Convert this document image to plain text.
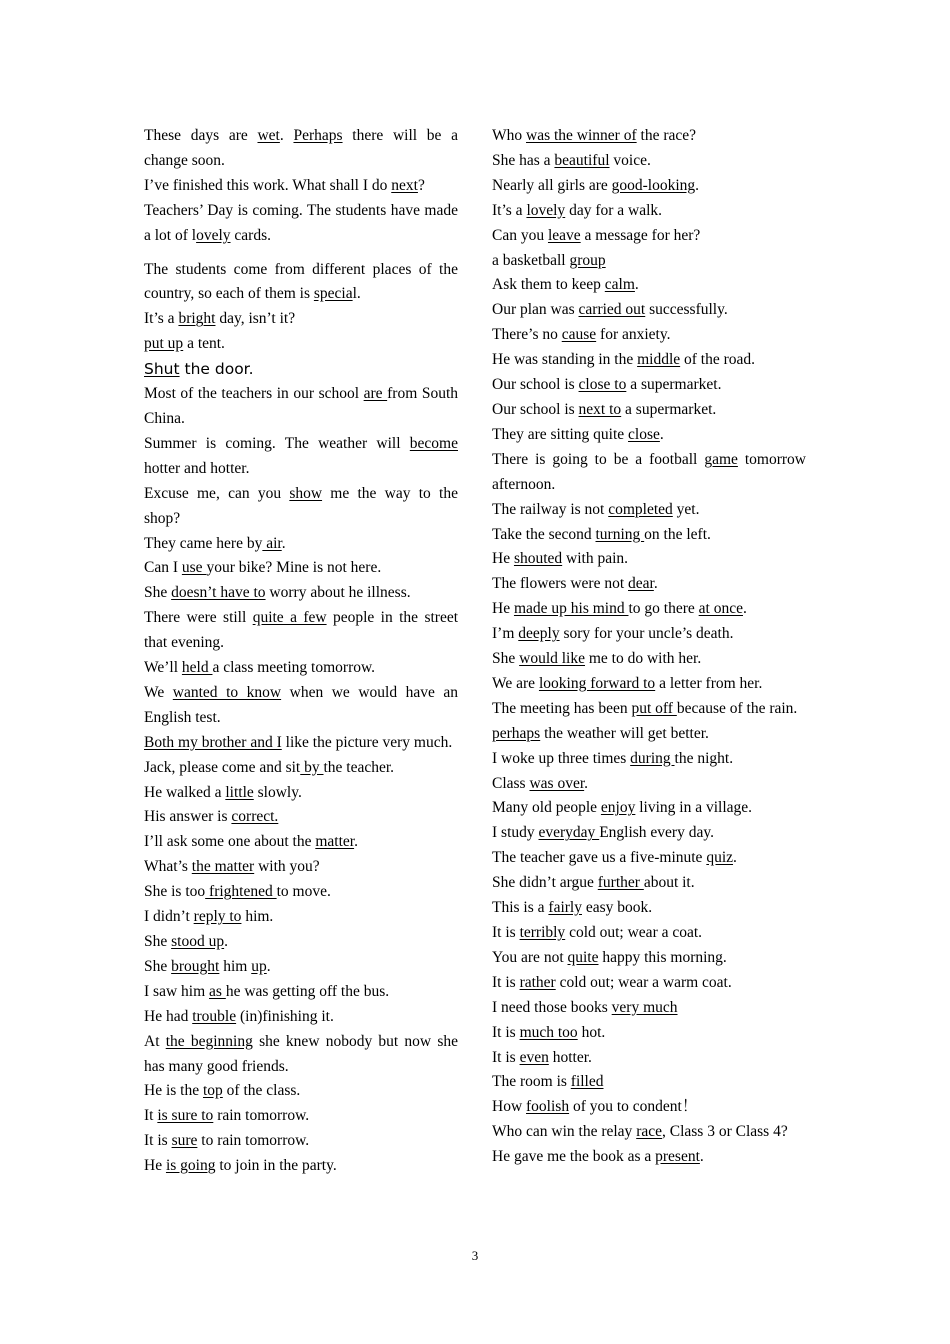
These days are wet. Perhaps there will be a change soon.
I’ve finished this work. What shall I do next?
Teachers’ Day is coming. The students have made a lot of lovely cards.
The students come from different places of the country, so each of them is special.
It’s a bright day, isn’t it?
put up a tent.
Shut the door.
Most of the teachers in our school are from South China.
Summer is coming. The weather will become hotter and hotter.
Excuse me, can you show me the way to the shop?
They came here by air.
Can I use your bike? Mine is not here.
She doesn’t have to worry about he illness.
There were still quite a few people in the street that evening.
We’ll held a class meeting tomorrow.
We wanted to know when we would have an English test.
Both my brother and I like the picture very much.
Jack, please come and sit by the teacher.
He walked a little slowly.
His answer is correct.
I’ll ask some one about the matter.
What’s the matter with you?
She is too frightened to move.
I didn’t reply to him.
She stood up.
She brought him up.
I saw him as he was getting off the bus.
He had trouble (in)finishing it.
At the beginning she knew nobody but now she has many good friends.
He is the top of the class.
It is sure to rain tomorrow.
It is sure to rain tomorrow.
He is going to join in the party.
Who was the winner of the race?
She has a beautiful voice.
Nearly all girls are good-looking.
It’s a lovely day for a walk.
Can you leave a message for her?
a basketball group
Ask them to keep calm.
Our plan was carried out successfully.
There’s no cause for anxiety.
He was standing in the middle of the road.
Our school is close to a supermarket.
Our school is next to a supermarket.
They are sitting quite close.
There is going to be a football game tomorrow afternoon.
The railway is not completed yet.
Take the second turning on the left.
He shouted with pain.
The flowers were not dear.
He made up his mind to go there at once.
I’m deeply sory for your uncle’s death.
She would like me to do with her.
We are looking forward to a letter from her.
The meeting has been put off because of the rain.
perhaps the weather will get better.
I woke up three times during the night.
Class was over.
Many old people enjoy living in a village.
I study everyday English every day.
The teacher gave us a five-minute quiz.
She didn’t argue further about it.
This is a fairly easy book.
It is terribly cold out; wear a coat.
You are not quite happy this morning.
It is rather cold out; wear a warm coat.
I need those books very much
It is much too hot.
It is even hotter.
The room is filled
How foolish of you to condent！
Who can win the relay race, Class 3 or Class 4?
He gave me the book as a present.
3
